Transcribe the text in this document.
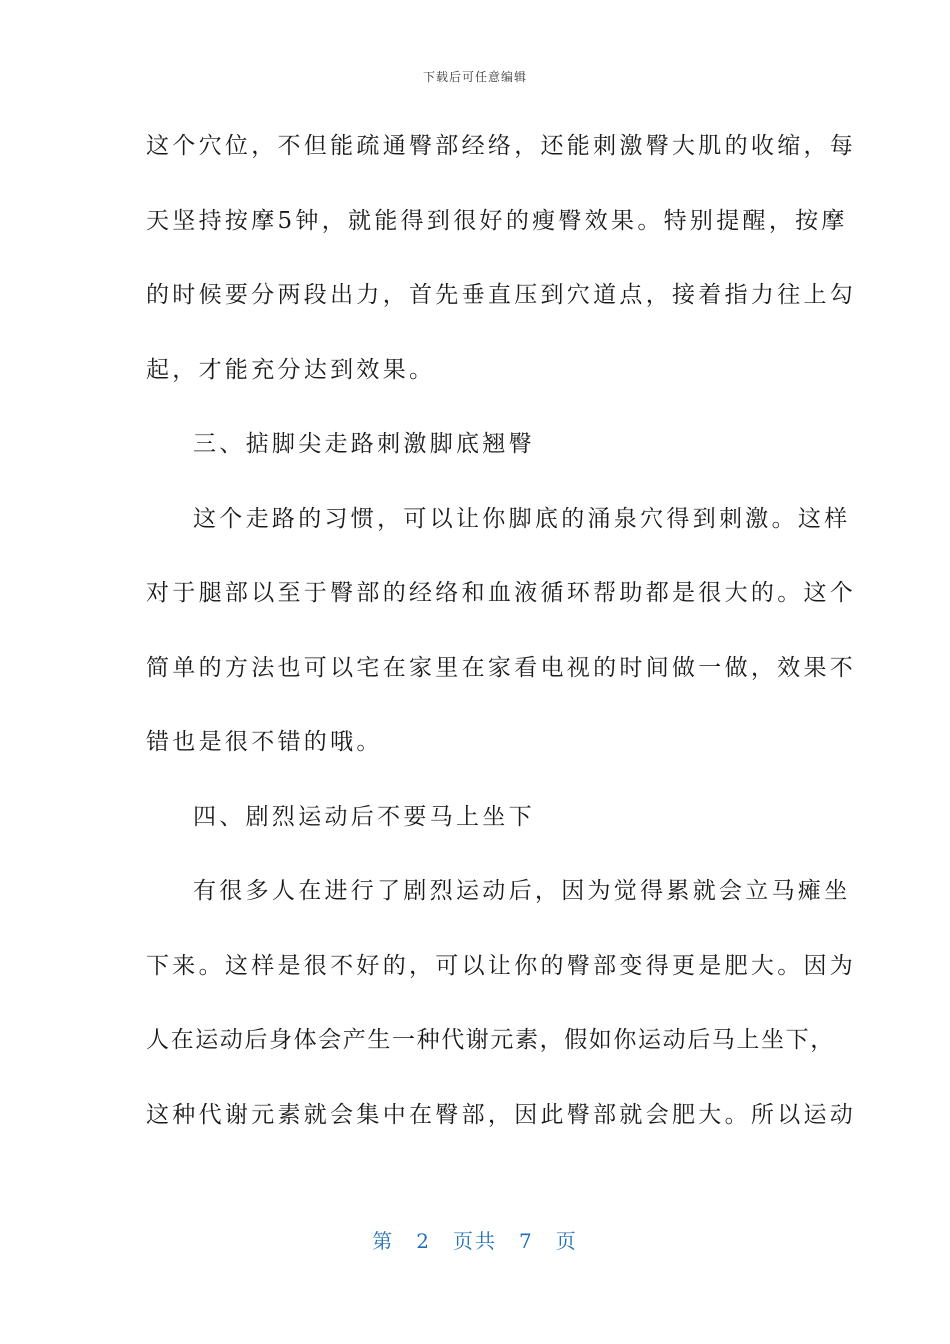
下载后可任意编辑
这个穴位，不但能疏通臀部经络，还能刺激臀大肌的收缩，每
天坚持按摩5钟，就能得到很好的瘦臀效果。特别提醒，按摩
的时候要分两段出力，首先垂直压到穴道点，接着指力往上勾
起，才能充分达到效果。
三、掂脚尖走路刺激脚底翘臀
这个走路的习惯，可以让你脚底的涌泉穴得到刺激。这样
对于腿部以至于臀部的经络和血液循环帮助都是很大的。这个
简单的方法也可以宅在家里在家看电视的时间做一做，效果不
错也是很不错的哦。
四、剧烈运动后不要马上坐下
有很多人在进行了剧烈运动后，因为觉得累就会立马瘫坐
下来。这样是很不好的，可以让你的臀部变得更是肥大。因为
人在运动后身体会产生一种代谢元素，假如你运动后马上坐下，
这种代谢元素就会集中在臀部，因此臀部就会肥大。所以运动
第 2 页共 7 页
